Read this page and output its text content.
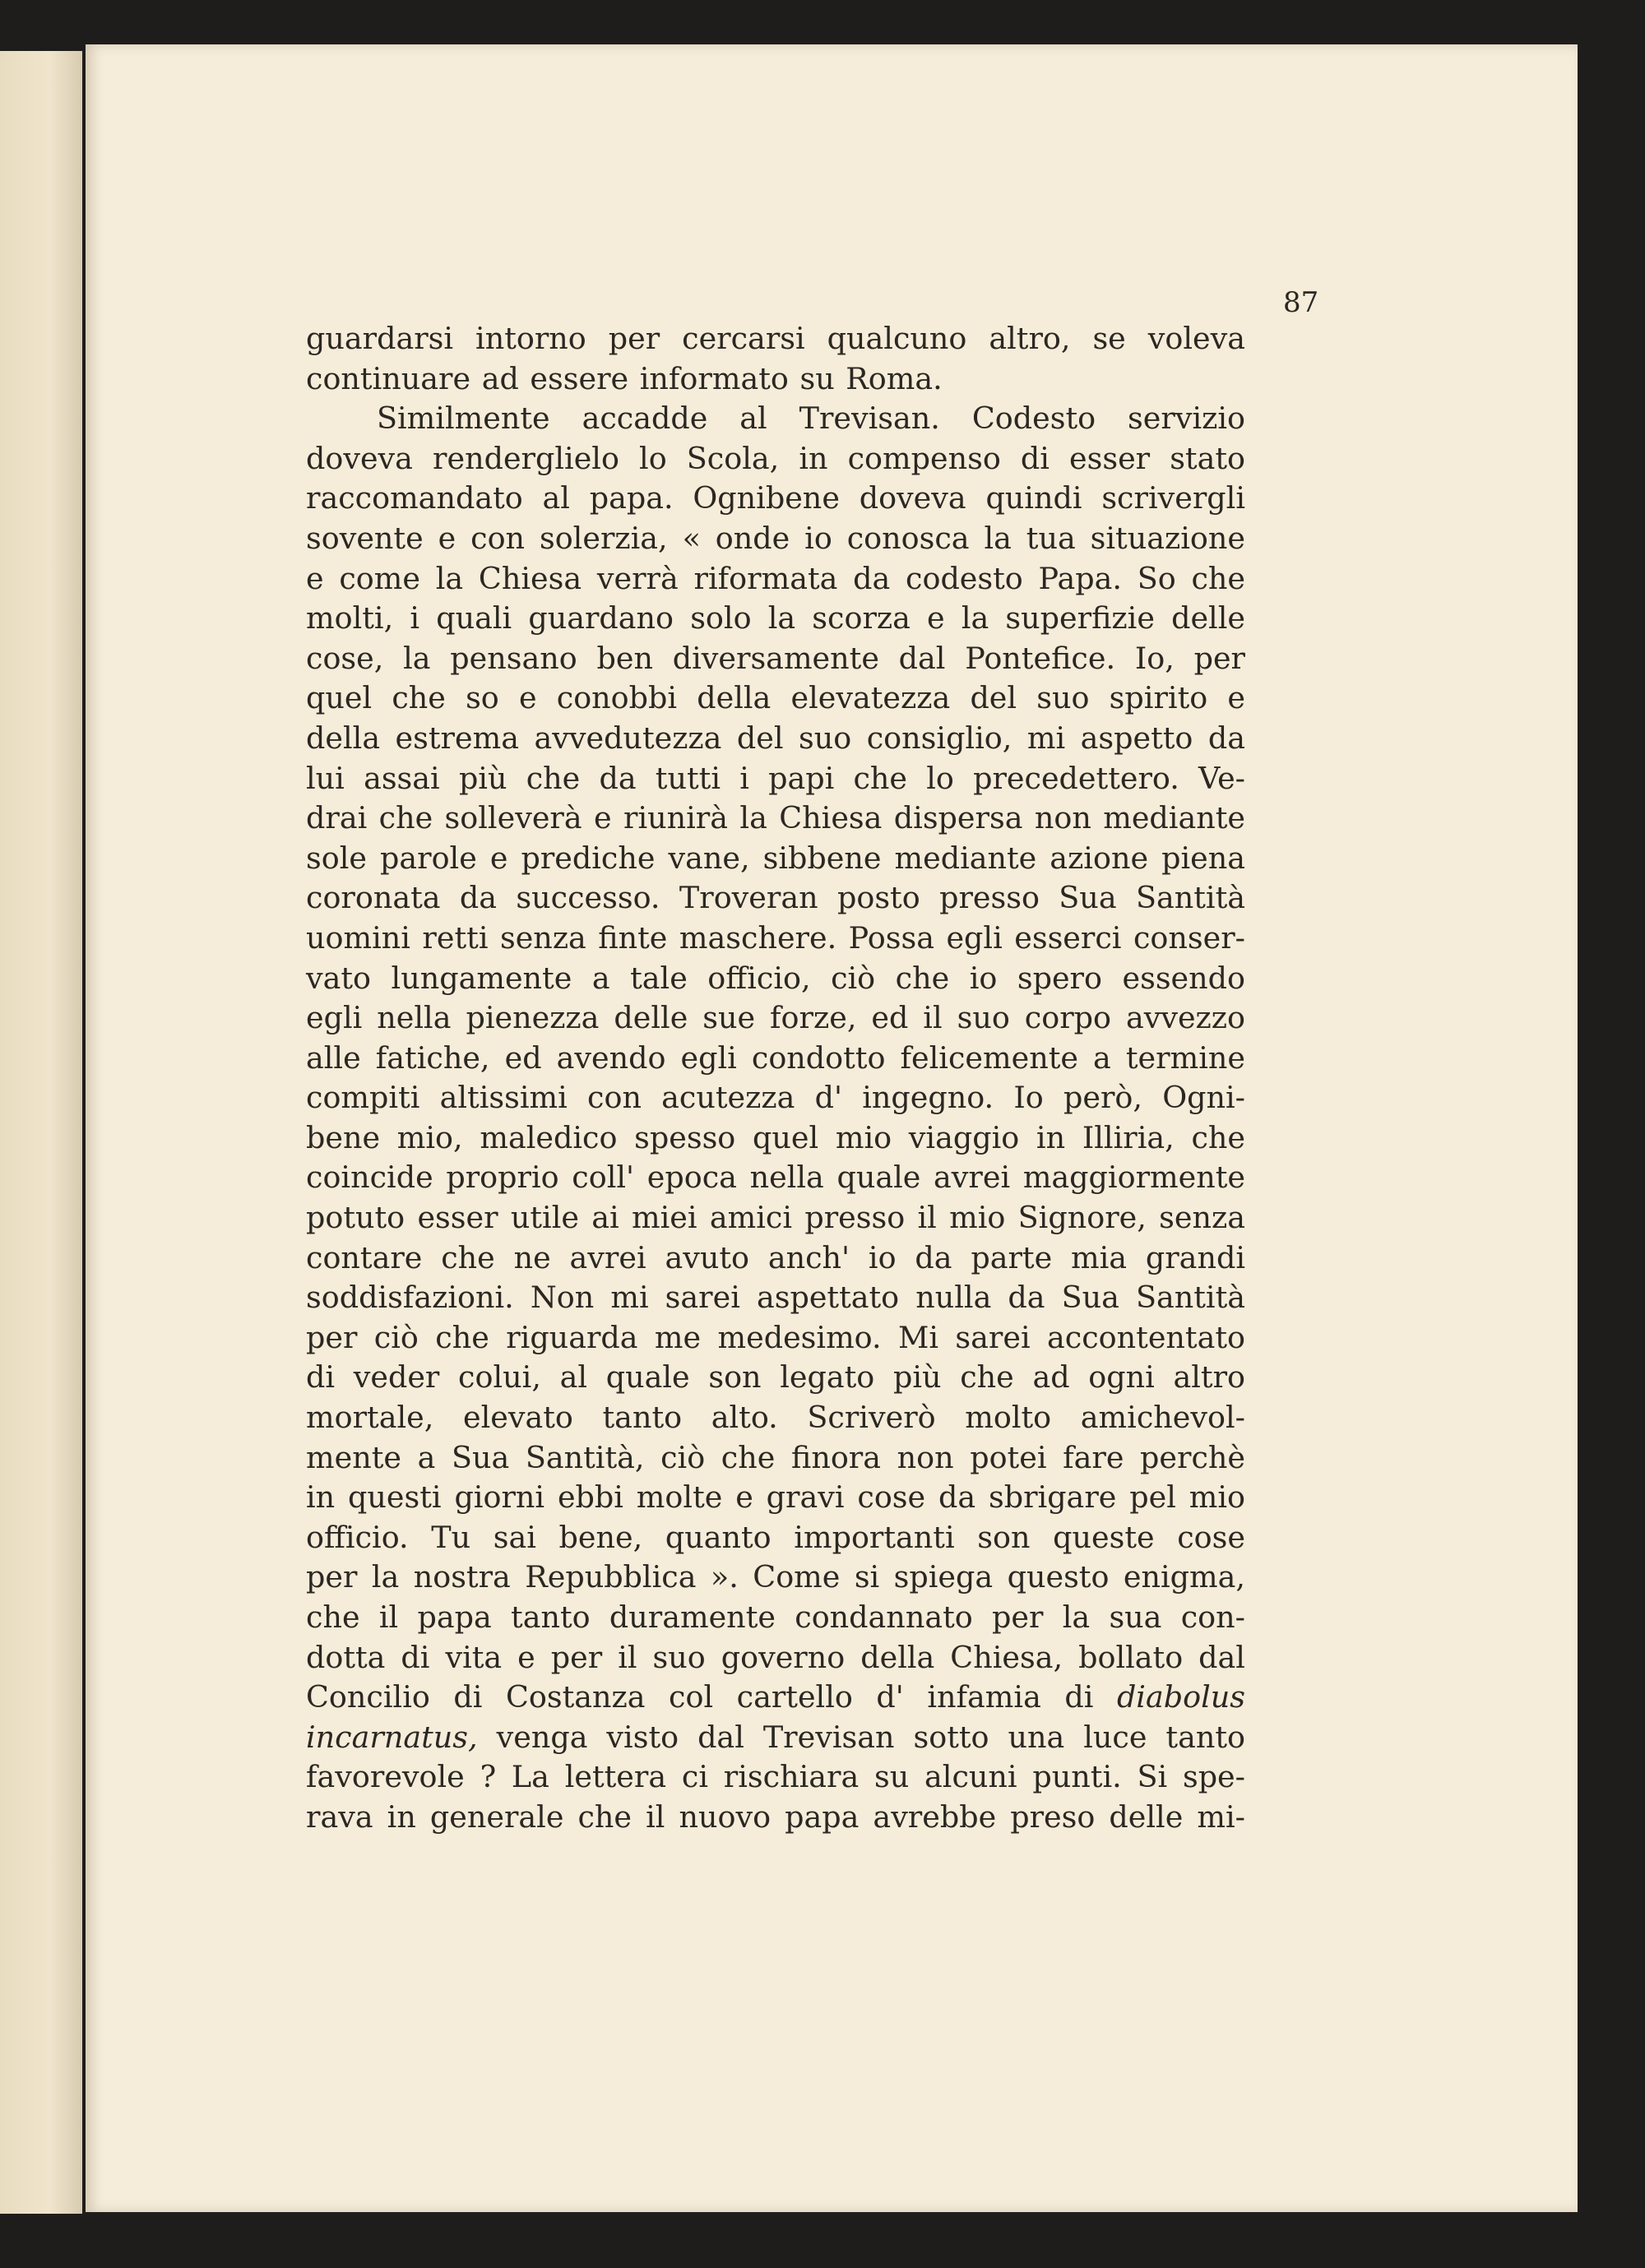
87
guardarsi intorno per cercarsi qualcuno altro, se voleva
continuare ad essere informato su Roma.
Similmente accadde al Trevisan. Codesto servizio
doveva renderglielo lo Scola, in compenso di esser stato
raccomandato al papa. Ognibene doveva quindi scrivergli
sovente e con solerzia, « onde io conosca la tua situazione
e come la Chiesa verrà riformata da codesto Papa. So che
molti, i quali guardano solo la scorza e la superfizie delle
cose, la pensano ben diversamente dal Pontefice. Io, per
quel che so e conobbi della elevatezza del suo spirito e
della estrema avvedutezza del suo consiglio, mi aspetto da
lui assai più che da tutti i papi che lo precedettero. Ve-
drai che solleverà e riunirà la Chiesa dispersa non mediante
sole parole e prediche vane, sibbene mediante azione piena
coronata da successo. Troveran posto presso Sua Santità
uomini retti senza finte maschere. Possa egli esserci conser-
vato lungamente a tale officio, ciò che io spero essendo
egli nella pienezza delle sue forze, ed il suo corpo avvezzo
alle fatiche, ed avendo egli condotto felicemente a termine
compiti altissimi con acutezza d' ingegno. Io però, Ogni-
bene mio, maledico spesso quel mio viaggio in Illiria, che
coincide proprio coll' epoca nella quale avrei maggiormente
potuto esser utile ai miei amici presso il mio Signore, senza
contare che ne avrei avuto anch' io da parte mia grandi
soddisfazioni. Non mi sarei aspettato nulla da Sua Santità
per ciò che riguarda me medesimo. Mi sarei accontentato
di veder colui, al quale son legato più che ad ogni altro
mortale, elevato tanto alto. Scriverò molto amichevol-
mente a Sua Santità, ciò che finora non potei fare perchè
in questi giorni ebbi molte e gravi cose da sbrigare pel mio
officio. Tu sai bene, quanto importanti son queste cose
per la nostra Repubblica ». Come si spiega questo enigma,
che il papa tanto duramente condannato per la sua con-
dotta di vita e per il suo governo della Chiesa, bollato dal
Concilio di Costanza col cartello d' infamia di diabolus
incarnatus, venga visto dal Trevisan sotto una luce tanto
favorevole ? La lettera ci rischiara su alcuni punti. Si spe-
rava in generale che il nuovo papa avrebbe preso delle mi-
